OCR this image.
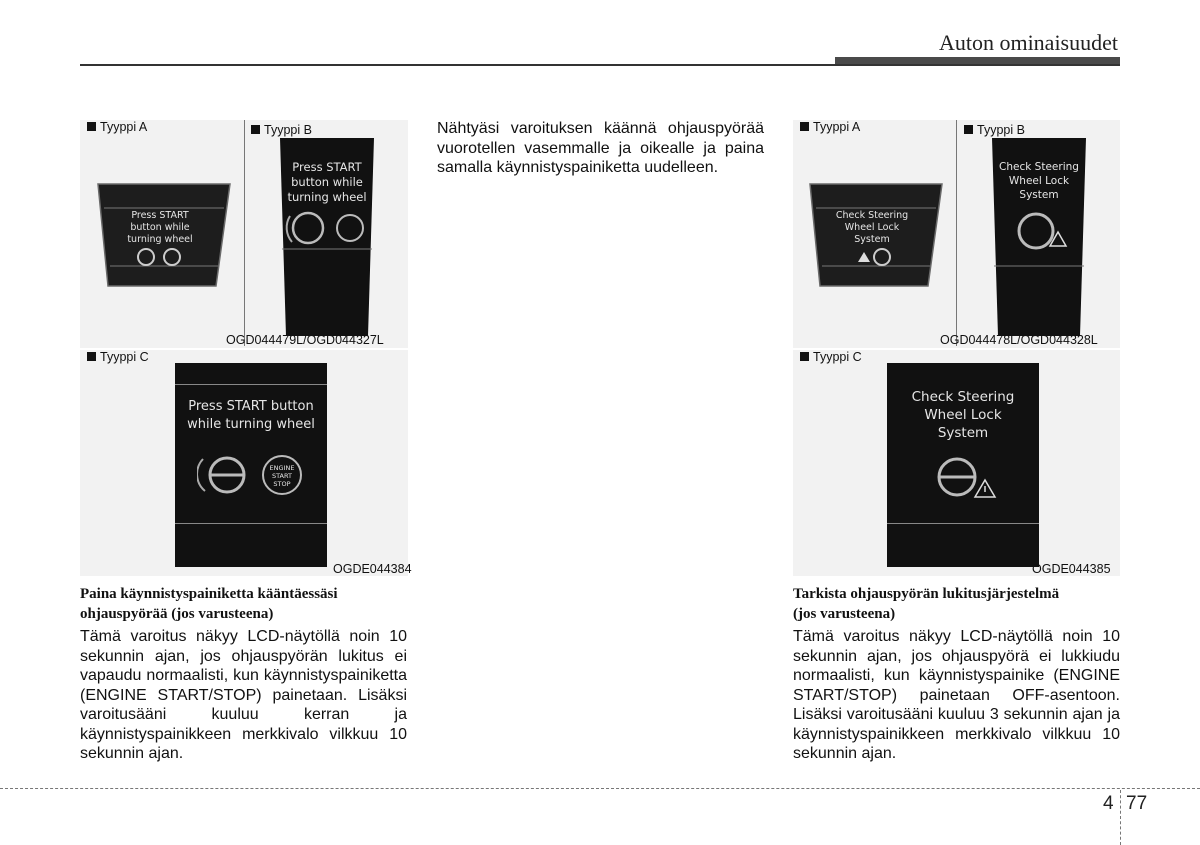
Auton ominaisuudet
Tyyppi A	Tyyppi B
Press START
button while
turning wheel
Press START
button while
turning wheel
OGD044479L/OGD044327L
Tyyppi C
ENGINE
START
STOP
Press START button
while turning wheel
OGDE044384
Paina käynnistyspainiketta kääntäessäsi
ohjauspyörää (jos varusteena)
Tämä varoitus näkyy LCD-näytöllä noin 10 sekunnin ajan, jos ohjauspyörän lukitus ei vapaudu normaalisti, kun käynnistyspainiketta (ENGINE START/STOP) painetaan. Lisäksi varoitusääni kuuluu kerran ja käynnistyspainikkeen merkkivalo vilkkuu 10 sekunnin ajan.
Nähtyäsi varoituksen käännä ohjauspyörää vuorotellen vasemmalle ja oikealle ja paina samalla käynnistyspainiketta uudelleen.
Tyyppi A	Tyyppi B
Check Steering
Wheel Lock
System
Check Steering
Wheel Lock
System
OGD044478L/OGD044328L
Tyyppi C
Check Steering
Wheel Lock
System
OGDE044385
Tarkista ohjauspyörän lukitusjärjestelmä
(jos varusteena)
Tämä varoitus näkyy LCD-näytöllä noin 10 sekunnin ajan, jos ohjauspyörä ei lukkiudu normaalisti, kun käynnistyspainike (ENGINE START/STOP) painetaan OFF-asentoon. Lisäksi varoitusääni kuuluu 3 sekunnin ajan ja käynnistyspainikkeen merkkivalo vilkkuu 10 sekunnin ajan.
4 77
